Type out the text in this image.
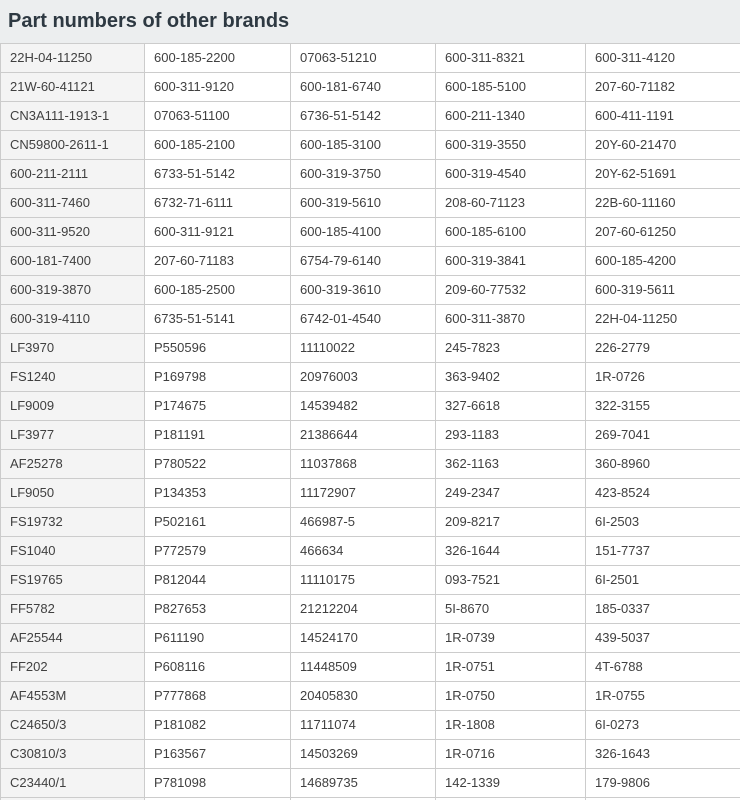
Part numbers of other brands
22H-04-11250	600-185-2200	07063-51210	600-311-8321	600-311-4120
21W-60-41121	600-311-9120	600-181-6740	600-185-5100	207-60-71182
CN3A111-1913-1	07063-51100	6736-51-5142	600-211-1340	600-411-1191
CN59800-2611-1	600-185-2100	600-185-3100	600-319-3550	20Y-60-21470
600-211-2111	6733-51-5142	600-319-3750	600-319-4540	20Y-62-51691
600-311-7460	6732-71-6111	600-319-5610	208-60-71123	22B-60-11160
600-311-9520	600-311-9121	600-185-4100	600-185-6100	207-60-61250
600-181-7400	207-60-71183	6754-79-6140	600-319-3841	600-185-4200
600-319-3870	600-185-2500	600-319-3610	209-60-77532	600-319-5611
600-319-4110	6735-51-5141	6742-01-4540	600-311-3870	22H-04-11250
LF3970	P550596	11110022	245-7823	226-2779
FS1240	P169798	20976003	363-9402	1R-0726
LF9009	P174675	14539482	327-6618	322-3155
LF3977	P181191	21386644	293-1183	269-7041
AF25278	P780522	11037868	362-1163	360-8960
LF9050	P134353	11172907	249-2347	423-8524
FS19732	P502161	466987-5	209-8217	6I-2503
FS1040	P772579	466634	326-1644	151-7737
FS19765	P812044	11110175	093-7521	6I-2501
FF5782	P827653	21212204	5I-8670	185-0337
AF25544	P611190	14524170	1R-0739	439-5037
FF202	P608116	11448509	1R-0751	4T-6788
AF4553M	P777868	20405830	1R-0750	1R-0755
C24650/3	P181082	11711074	1R-1808	6I-0273
C30810/3	P163567	14503269	1R-0716	326-1643
C23440/1	P781098	14689735	142-1339	179-9806
